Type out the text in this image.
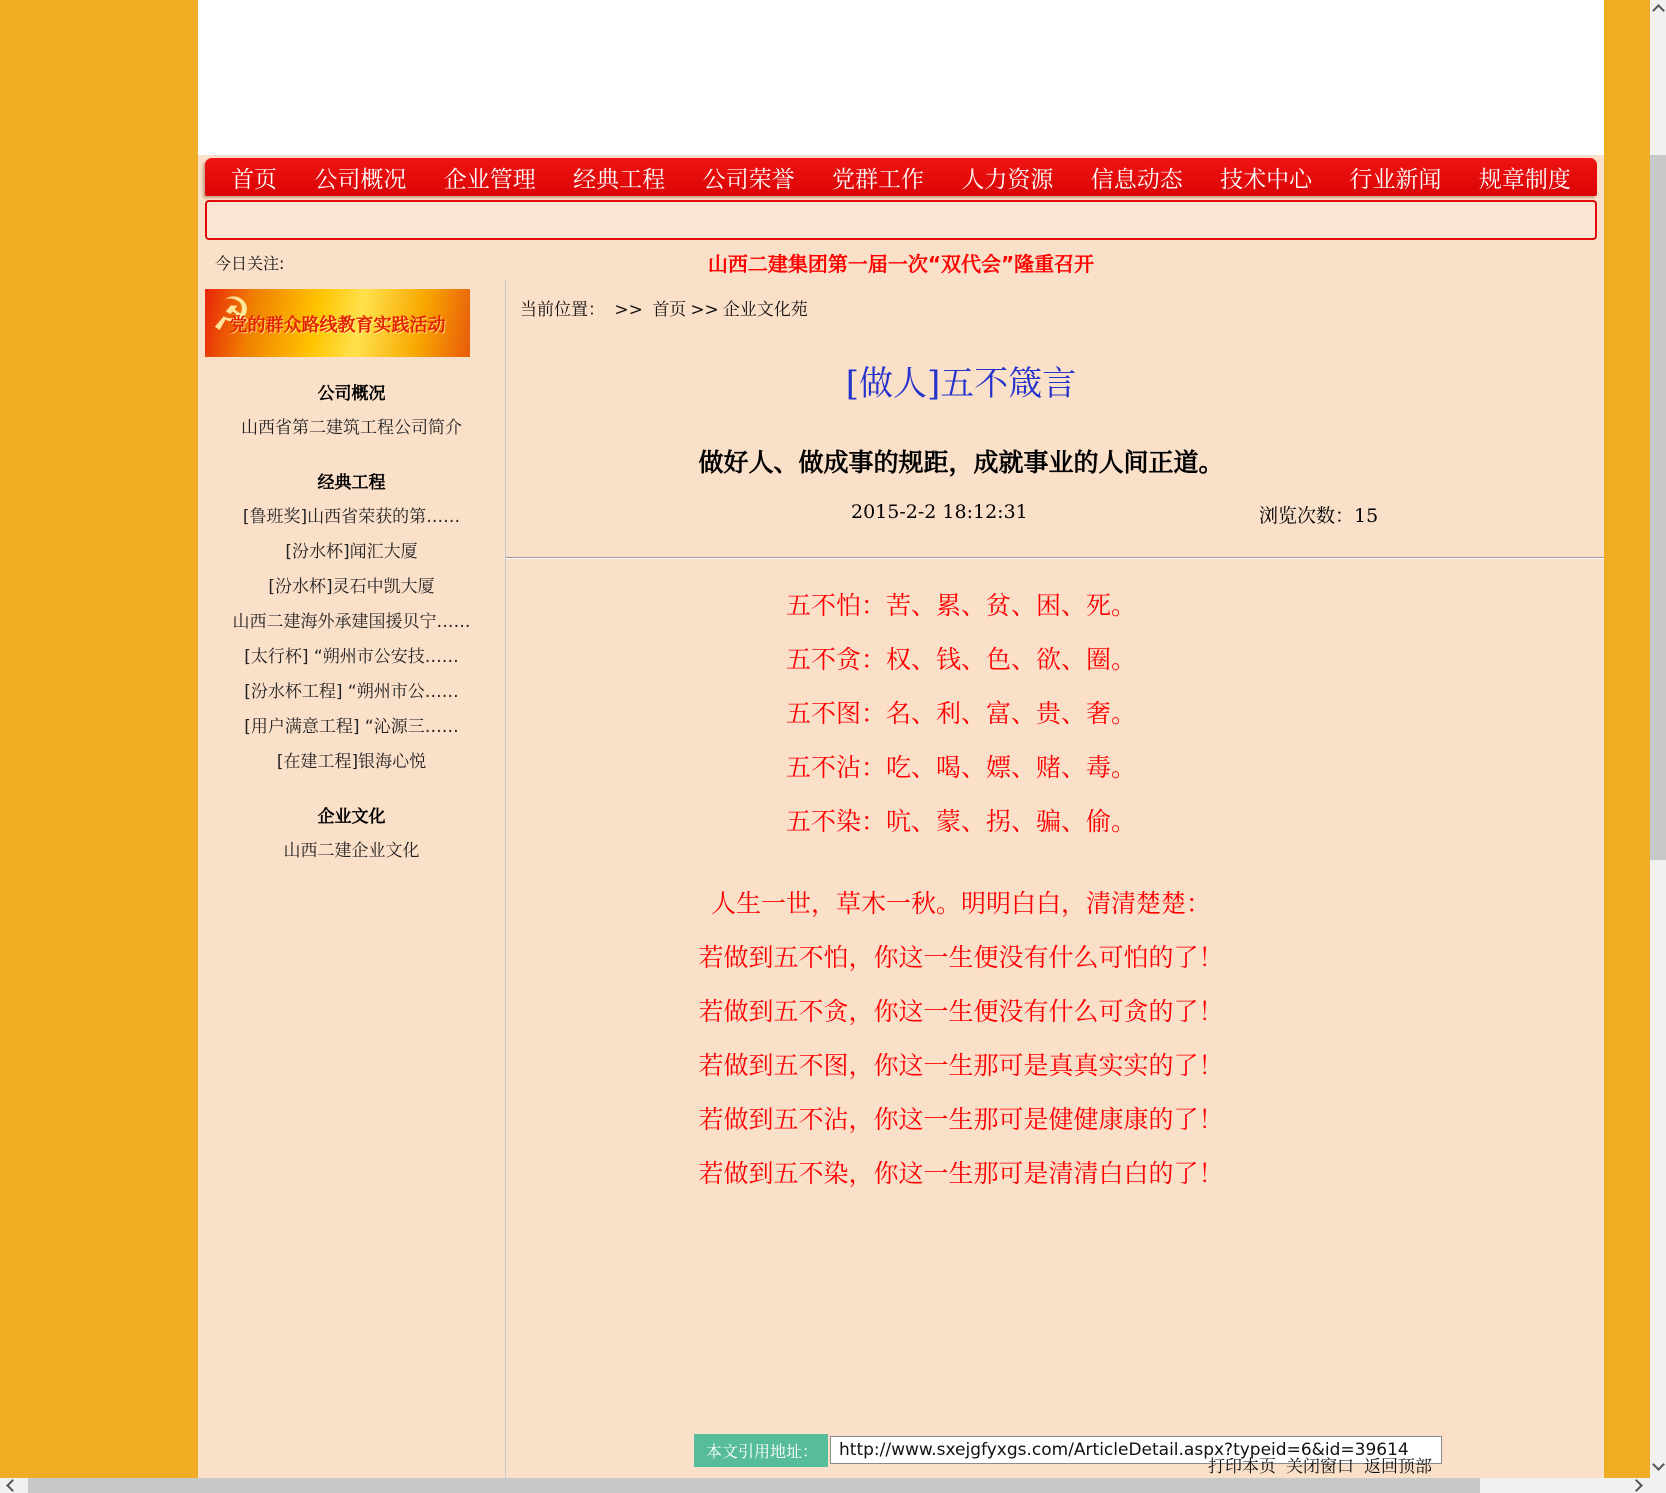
首页 公司概况 企业管理 经典工程 公司荣誉 党群工作 人力资源 信息动态 技术中心 行业新闻 规章制度
今日关注:	山西二建集团第一届一次“双代会”隆重召开
☭
党的群众路线教育实践活动
公司概况
山西省第二建筑工程公司简介
经典工程
[鲁班奖]山西省荣获的第……
[汾水杯]闻汇大厦
[汾水杯]灵石中凯大厦
山西二建海外承建国援贝宁……
[太行杯] “朔州市公安技……
[汾水杯工程] “朔州市公……
[用户满意工程] “沁源三……
[在建工程]银海心悦
企业文化
山西二建企业文化
当前位置： >> 首页 >> 企业文化苑
[做人]五不箴言
做好人、做成事的规距，成就事业的人间正道。
2015-2-2 18:12:31	浏览次数：15

五不怕：苦、累、贫、困、死。

五不贪：权、钱、色、欲、圈。

五不图：名、利、富、贵、奢。

五不沾：吃、喝、嫖、赌、毒。

五不染：吭、蒙、拐、骗、偷。

人生一世，草木一秋。明明白白，清清楚楚：

若做到五不怕，你这一生便没有什么可怕的了！

若做到五不贪，你这一生便没有什么可贪的了！

若做到五不图，你这一生那可是真真实实的了！

若做到五不沾，你这一生那可是健健康康的了！

若做到五不染，你这一生那可是清清白白的了！

本文引用地址：
http://www.sxejgfyxgs.com/ArticleDetail.aspx?typeid=6&id=39614
打印本页 关闭窗口 返回顶部
